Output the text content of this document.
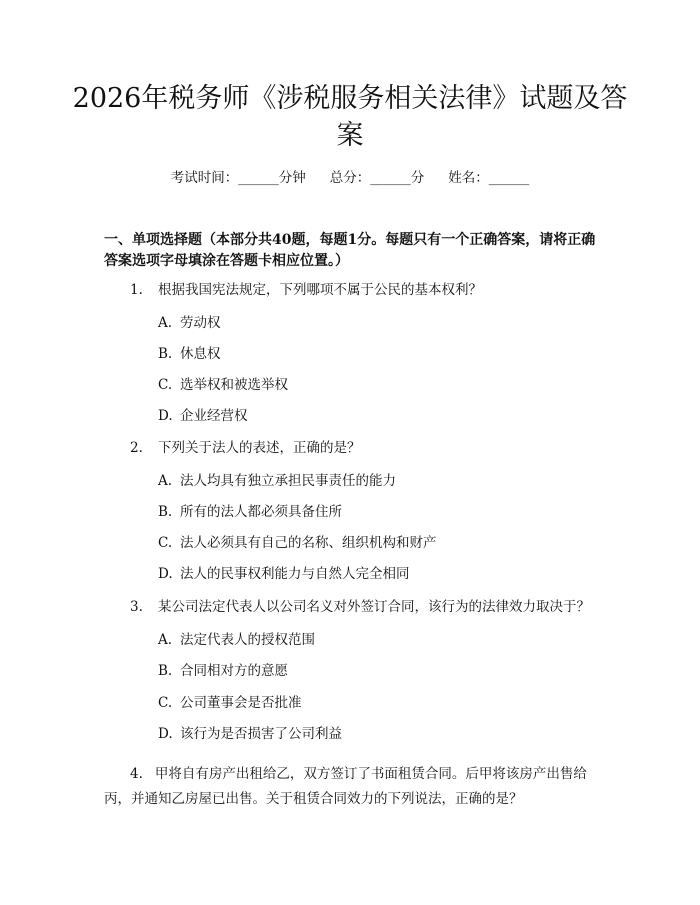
2026年税务师《涉税服务相关法律》试题及答案
考试时间：______分钟 总分：______分 姓名：______

一、单项选择题（本部分共40题，每题1分。每题只有一个正确答案，请将正确答案选项字母填涂在答题卡相应位置。）

1. 根据我国宪法规定，下列哪项不属于公民的基本权利？
A. 劳动权
B. 休息权
C. 选举权和被选举权
D. 企业经营权
2. 下列关于法人的表述，正确的是？
A. 法人均具有独立承担民事责任的能力
B. 所有的法人都必须具备住所
C. 法人必须具有自己的名称、组织机构和财产
D. 法人的民事权利能力与自然人完全相同
3. 某公司法定代表人以公司名义对外签订合同，该行为的法律效力取决于？
A. 法定代表人的授权范围
B. 合同相对方的意愿
C. 公司董事会是否批准
D. 该行为是否损害了公司利益
4. 甲将自有房产出租给乙，双方签订了书面租赁合同。后甲将该房产出售给丙，并通知乙房屋已出售。关于租赁合同效力的下列说法，正确的是？
